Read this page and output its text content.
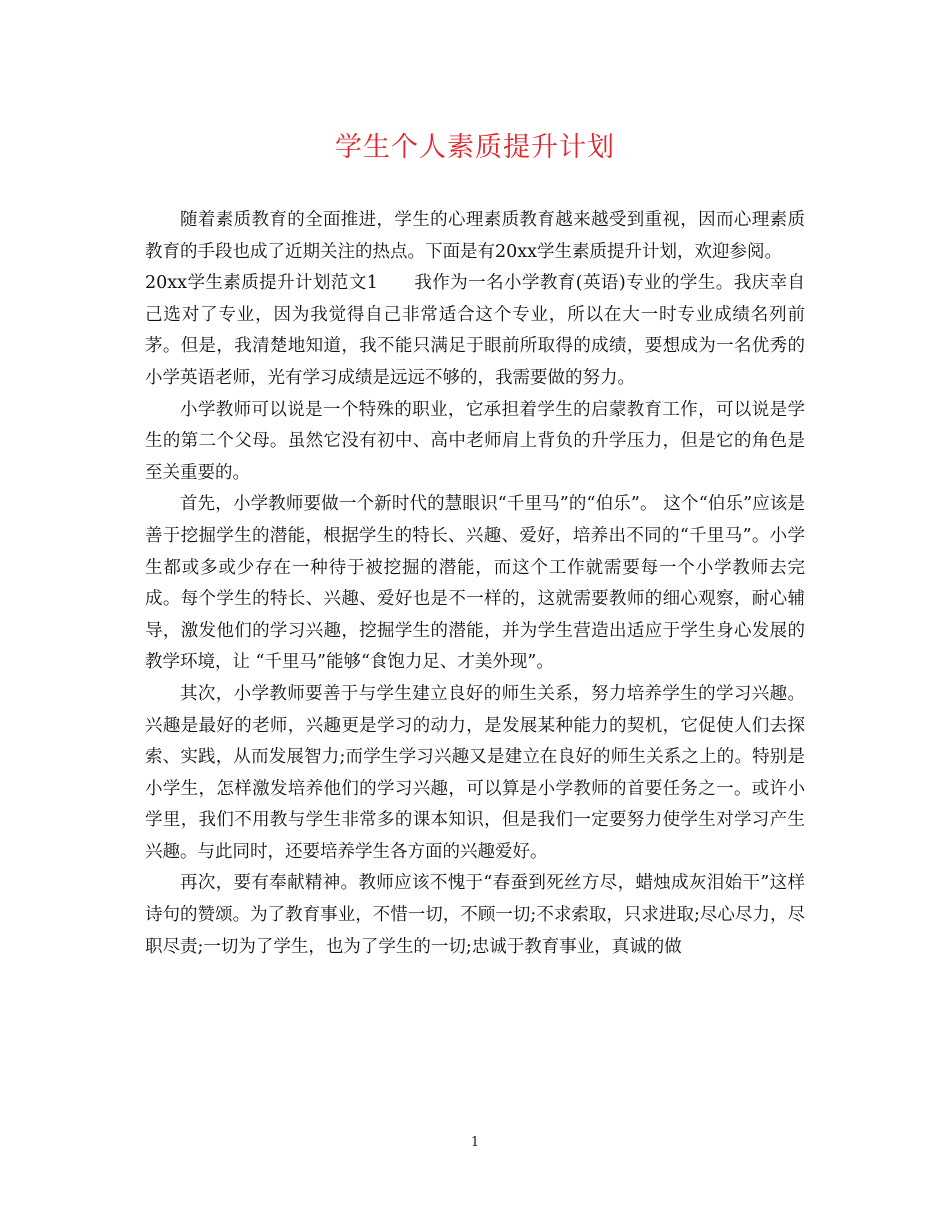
学生个人素质提升计划

随着素质教育的全面推进，学生的心理素质教育越来越受到重视，因而心理素质教育的手段也成了近期关注的热点。下面是有20xx学生素质提升计划，欢迎参阅。

20xx学生素质提升计划范文1 我作为一名小学教育(英语)专业的学生。我庆幸自己选对了专业，因为我觉得自己非常适合这个专业，所以在大一时专业成绩名列前茅。但是，我清楚地知道，我不能只满足于眼前所取得的成绩，要想成为一名优秀的小学英语老师，光有学习成绩是远远不够的，我需要做的努力。

小学教师可以说是一个特殊的职业，它承担着学生的启蒙教育工作，可以说是学生的第二个父母。虽然它没有初中、高中老师肩上背负的升学压力，但是它的角色是至关重要的。

首先，小学教师要做一个新时代的慧眼识“千里马”的“伯乐”。 这个“伯乐”应该是善于挖掘学生的潜能，根据学生的特长、兴趣、爱好，培养出不同的“千里马”。小学生都或多或少存在一种待于被挖掘的潜能，而这个工作就需要每一个小学教师去完成。每个学生的特长、兴趣、爱好也是不一样的，这就需要教师的细心观察，耐心辅导，激发他们的学习兴趣，挖掘学生的潜能，并为学生营造出适应于学生身心发展的教学环境，让 “千里马”能够“食饱力足、才美外现”。

其次，小学教师要善于与学生建立良好的师生关系，努力培养学生的学习兴趣。兴趣是最好的老师，兴趣更是学习的动力，是发展某种能力的契机，它促使人们去探索、实践，从而发展智力;而学生学习兴趣又是建立在良好的师生关系之上的。特别是小学生，怎样激发培养他们的学习兴趣，可以算是小学教师的首要任务之一。或许小学里，我们不用教与学生非常多的课本知识，但是我们一定要努力使学生对学习产生兴趣。与此同时，还要培养学生各方面的兴趣爱好。

再次，要有奉献精神。教师应该不愧于“春蚕到死丝方尽，蜡烛成灰泪始干”这样诗句的赞颂。为了教育事业，不惜一切，不顾一切;不求索取，只求进取;尽心尽力，尽职尽责;一切为了学生，也为了学生的一切;忠诚于教育事业，真诚的做

1
